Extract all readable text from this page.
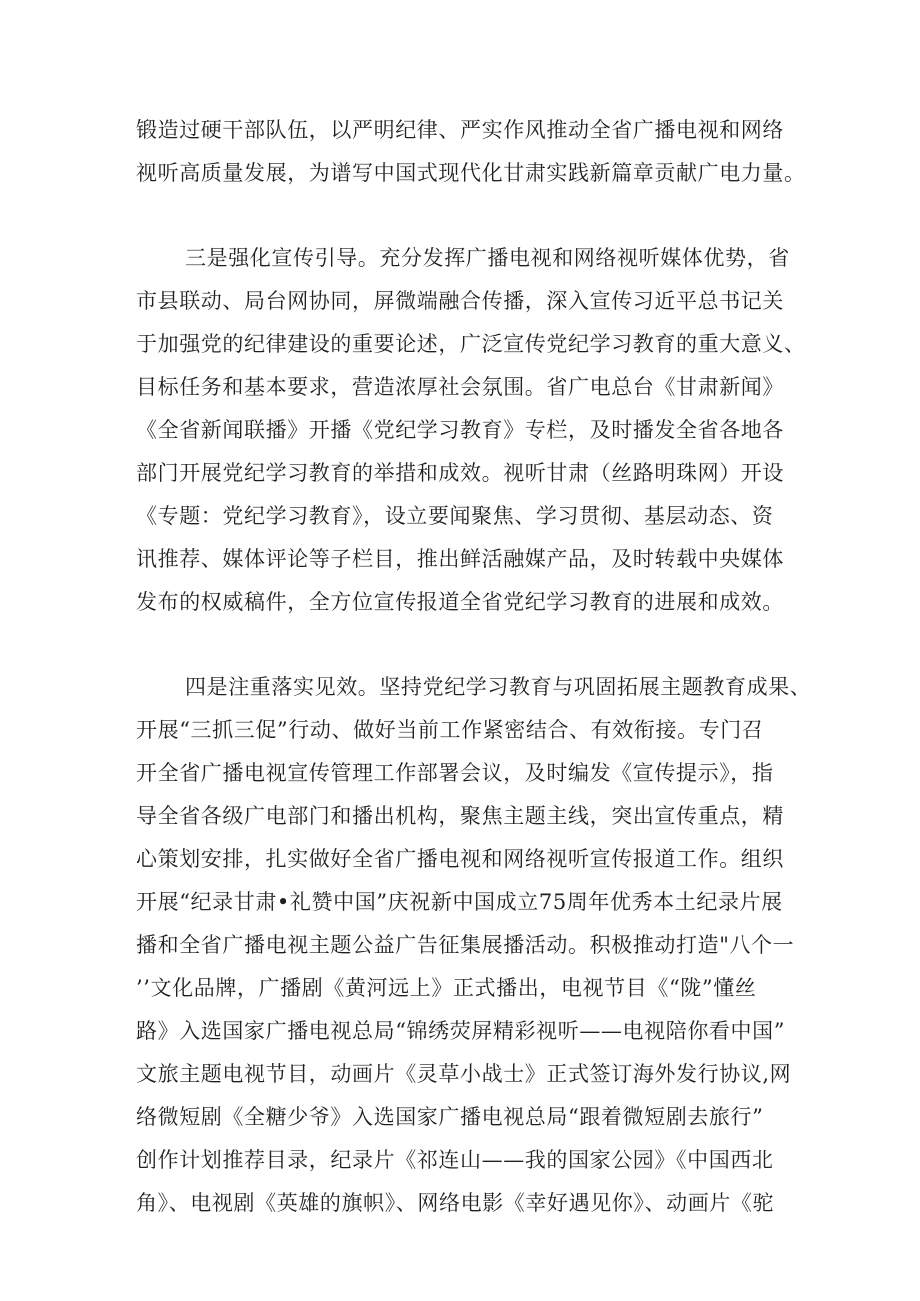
锻造过硬干部队伍，以严明纪律、严实作风推动全省广播电视和网络
视听高质量发展，为谱写中国式现代化甘肃实践新篇章贡献广电力量。
三是强化宣传引导。充分发挥广播电视和网络视听媒体优势，省
市县联动、局台网协同，屏微端融合传播，深入宣传习近平总书记关
于加强党的纪律建设的重要论述，广泛宣传党纪学习教育的重大意义、
目标任务和基本要求，营造浓厚社会氛围。省广电总台《甘肃新闻》
《全省新闻联播》开播《党纪学习教育》专栏，及时播发全省各地各
部门开展党纪学习教育的举措和成效。视听甘肃（丝路明珠网）开设
《专题：党纪学习教育》，设立要闻聚焦、学习贯彻、基层动态、资
讯推荐、媒体评论等子栏目，推出鲜活融媒产品，及时转载中央媒体
发布的权威稿件，全方位宣传报道全省党纪学习教育的进展和成效。
四是注重落实见效。坚持党纪学习教育与巩固拓展主题教育成果、
开展“三抓三促”行动、做好当前工作紧密结合、有效衔接。专门召
开全省广播电视宣传管理工作部署会议，及时编发《宣传提示》，指
导全省各级广电部门和播出机构，聚焦主题主线，突出宣传重点，精
心策划安排，扎实做好全省广播电视和网络视听宣传报道工作。组织
开展“纪录甘肃•礼赞中国”庆祝新中国成立75周年优秀本土纪录片展
播和全省广播电视主题公益广告征集展播活动。积极推动打造"八个一
’’文化品牌，广播剧《黄河远上》正式播出，电视节目《“陇”懂丝
路》入选国家广播电视总局“锦绣荧屏精彩视听——电视陪你看中国”
文旅主题电视节目，动画片《灵草小战士》正式签订海外发行协议,网
络微短剧《全糖少爷》入选国家广播电视总局“跟着微短剧去旅行”
创作计划推荐目录，纪录片《祁连山——我的国家公园》《中国西北
角》、电视剧《英雄的旗帜》、网络电影《幸好遇见你》、动画片《驼
